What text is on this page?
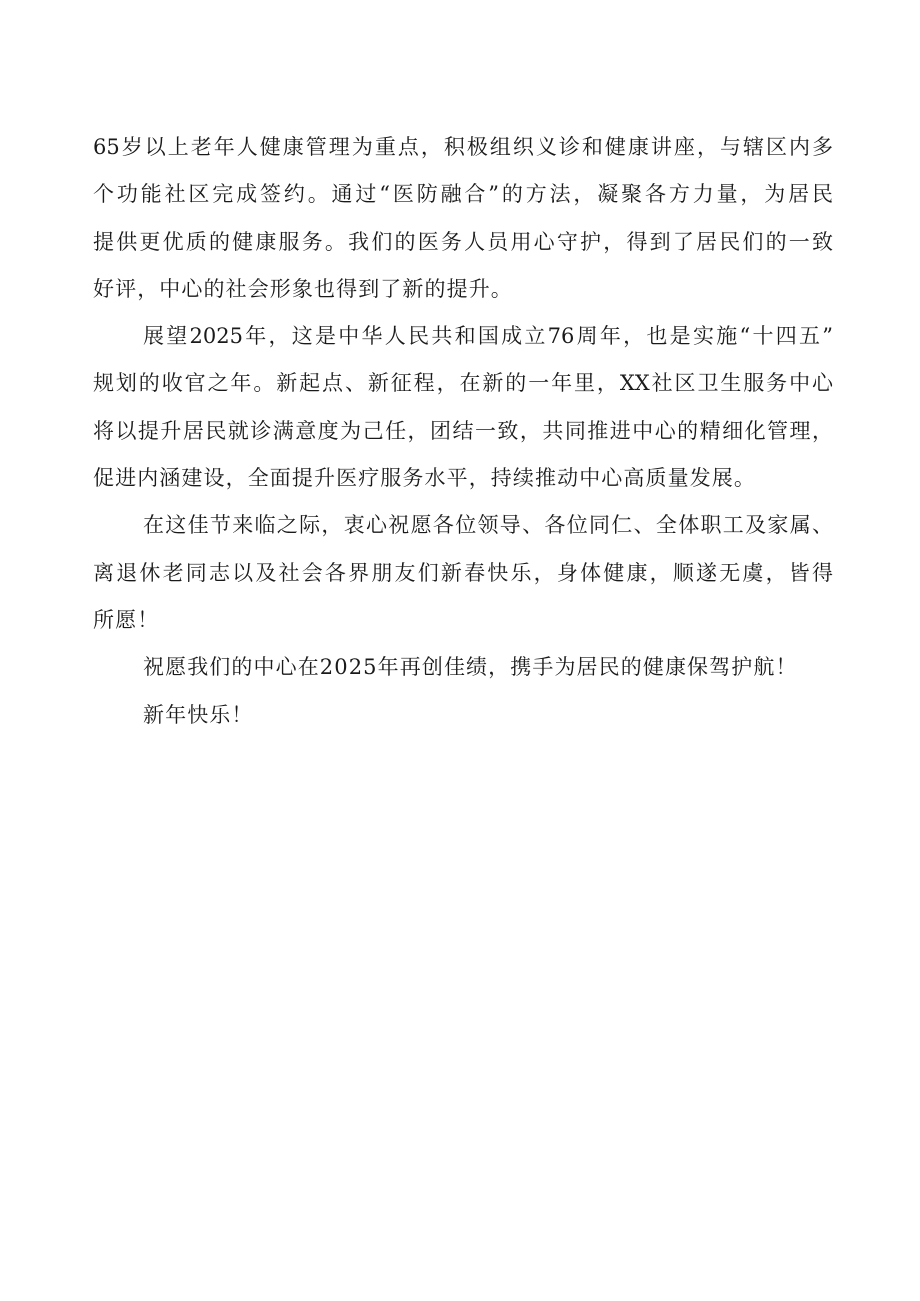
65岁以上老年人健康管理为重点，积极组织义诊和健康讲座，与辖区内多
个功能社区完成签约。通过“医防融合”的方法，凝聚各方力量，为居民
提供更优质的健康服务。我们的医务人员用心守护，得到了居民们的一致
好评，中心的社会形象也得到了新的提升。
展望2025年，这是中华人民共和国成立76周年，也是实施“十四五”
规划的收官之年。新起点、新征程，在新的一年里，XX社区卫生服务中心
将以提升居民就诊满意度为己任，团结一致，共同推进中心的精细化管理，
促进内涵建设，全面提升医疗服务水平，持续推动中心高质量发展。
在这佳节来临之际，衷心祝愿各位领导、各位同仁、全体职工及家属、
离退休老同志以及社会各界朋友们新春快乐，身体健康，顺遂无虞，皆得
所愿！
祝愿我们的中心在2025年再创佳绩，携手为居民的健康保驾护航！
新年快乐！
